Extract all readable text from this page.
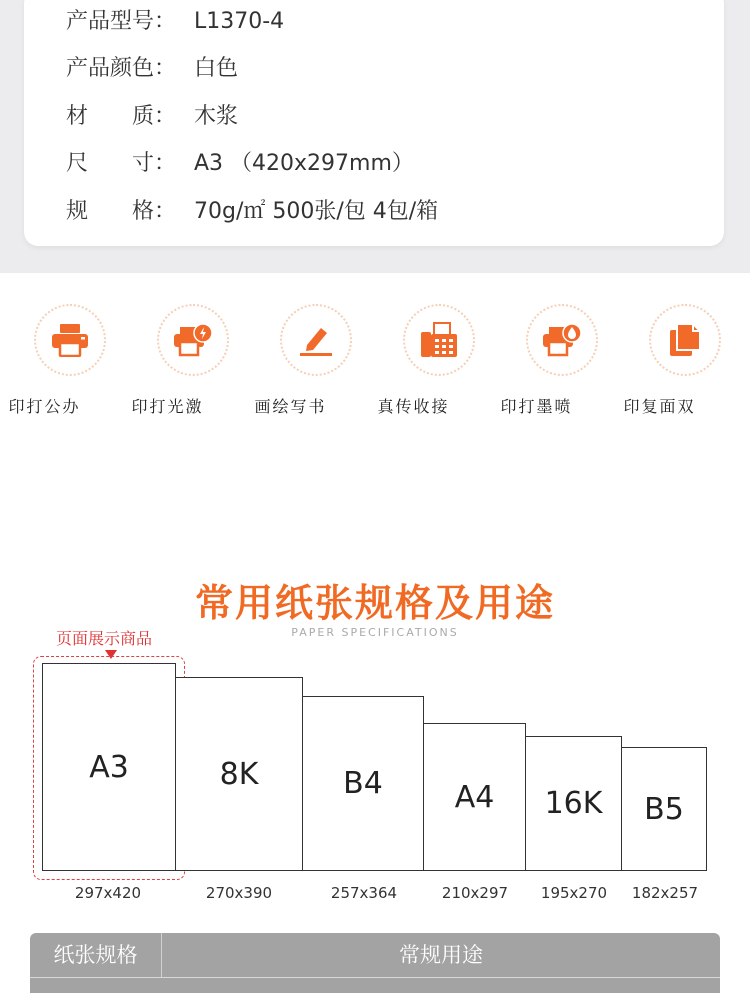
产品型号： L1370-4
产品颜色： 白色
材　　质： 木浆
尺　　寸： A3 （420x297mm）
规　　格： 70g/㎡ 500张/包 4包/箱
办公打印	激光打印	书写绘画	接收传真	喷墨打印	双面复印
常用纸张规格及用途
PAPER SPECIFICATIONS
页面展示商品
A3	8K	B4 A4 16K B5
297x420	270x390	257x364	210x297	195x270	182x257
纸张规格	常规用途
